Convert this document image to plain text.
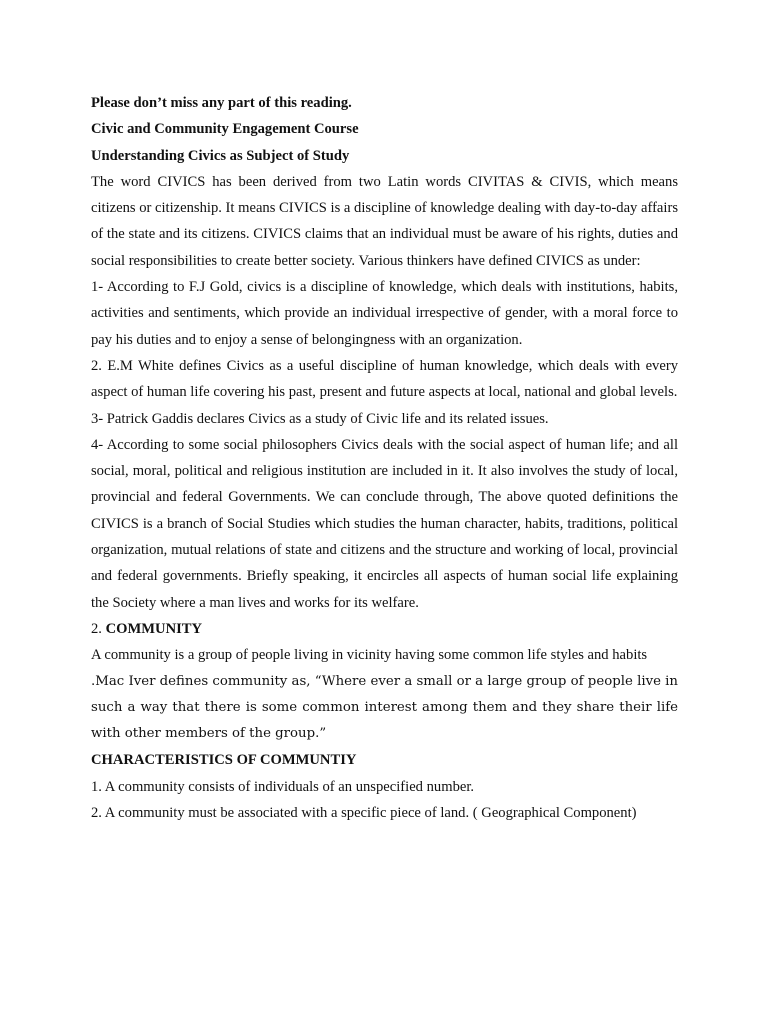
Please don’t miss any part of this reading.

Civic and Community Engagement Course

Understanding Civics as Subject of Study

The word CIVICS has been derived from two Latin words CIVITAS & CIVIS, which means citizens or citizenship. It means CIVICS is a discipline of knowledge dealing with day-to-day affairs of the state and its citizens. CIVICS claims that an individual must be aware of his rights, duties and social responsibilities to create better society. Various thinkers have defined CIVICS as under:

1- According to F.J Gold, civics is a discipline of knowledge, which deals with institutions, habits, activities and sentiments, which provide an individual irrespective of gender, with a moral force to pay his duties and to enjoy a sense of belongingness with an organization.

2. E.M White defines Civics as a useful discipline of human knowledge, which deals with every aspect of human life covering his past, present and future aspects at local, national and global levels.

3- Patrick Gaddis declares Civics as a study of Civic life and its related issues.

4- According to some social philosophers Civics deals with the social aspect of human life; and all social, moral, political and religious institution are included in it. It also involves the study of local, provincial and federal Governments. We can conclude through, The above quoted definitions the CIVICS is a branch of Social Studies which studies the human character, habits, traditions, political organization, mutual relations of state and citizens and the structure and working of local, provincial and federal governments. Briefly speaking, it encircles all aspects of human social life explaining the Society where a man lives and works for its welfare.

2. COMMUNITY

A community is a group of people living in vicinity having some common life styles and habits

.Mac Iver defines community as, “Where ever a small or a large group of people live in such a way that there is some common interest among them and they share their life with other members of the group.”

CHARACTERISTICS OF COMMUNTIY

1. A community consists of individuals of an unspecified number.

2. A community must be associated with a specific piece of land. ( Geographical Component)
